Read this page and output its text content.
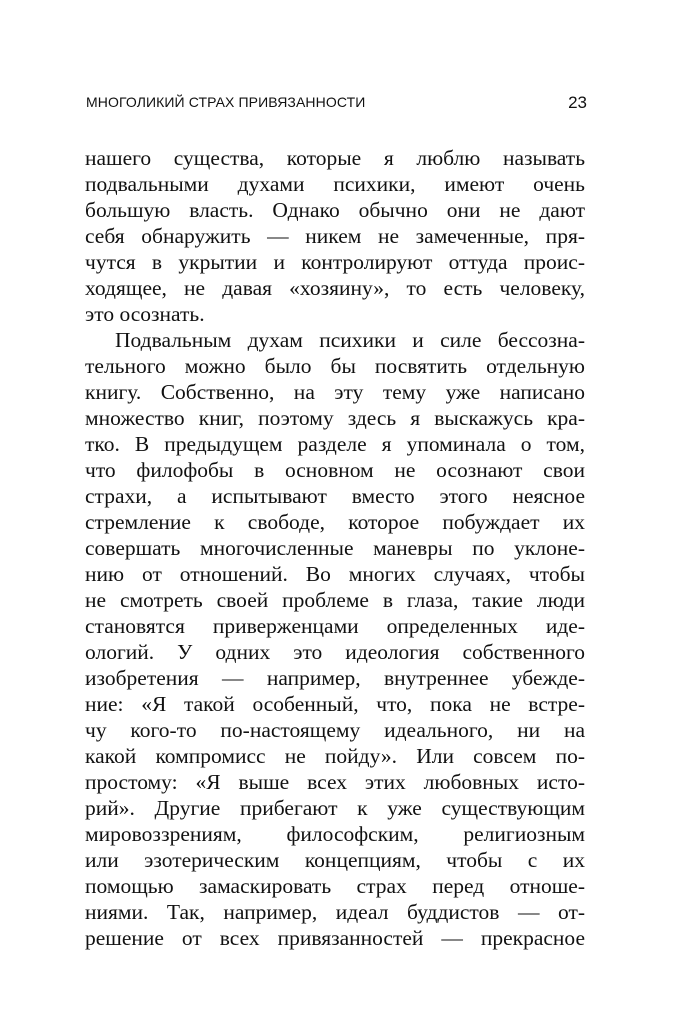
МНОГОЛИКИЙ СТРАХ ПРИВЯЗАННОСТИ	23
нашего существа, которые я люблю называть
подвальными духами психики, имеют очень
большую власть. Однако обычно они не дают
себя обнаружить — никем не замеченные, пря-
чутся в укрытии и контролируют оттуда проис-
ходящее, не давая «хозяину», то есть человеку,
это осознать.
Подвальным духам психики и силе бессозна-
тельного можно было бы посвятить отдельную
книгу. Собственно, на эту тему уже написано
множество книг, поэтому здесь я выскажусь кра-
тко. В предыдущем разделе я упоминала о том,
что филофобы в основном не осознают свои
страхи, а испытывают вместо этого неясное
стремление к свободе, которое побуждает их
совершать многочисленные маневры по уклоне-
нию от отношений. Во многих случаях, чтобы
не смотреть своей проблеме в глаза, такие люди
становятся приверженцами определенных иде-
ологий. У одних это идеология собственного
изобретения — например, внутреннее убежде-
ние: «Я такой особенный, что, пока не встре-
чу кого-то по-настоящему идеального, ни на
какой компромисс не пойду». Или совсем по-
простому: «Я выше всех этих любовных исто-
рий». Другие прибегают к уже существующим
мировоззрениям, философским, религиозным
или эзотерическим концепциям, чтобы с их
помощью замаскировать страх перед отноше-
ниями. Так, например, идеал буддистов — от-
решение от всех привязанностей — прекрасное
